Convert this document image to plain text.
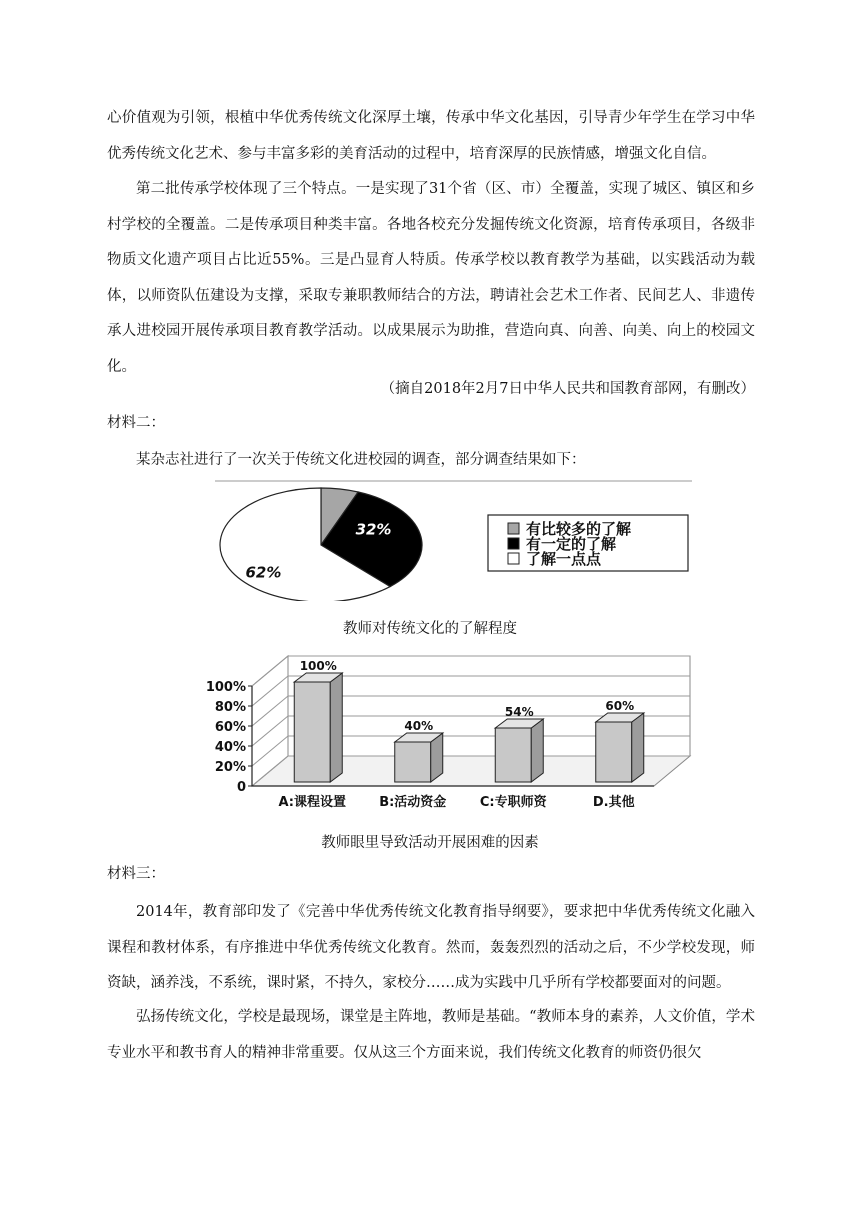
心价值观为引领，根植中华优秀传统文化深厚土壤，传承中华文化基因，引导青少年学生在学习中华优秀传统文化艺术、参与丰富多彩的美育活动的过程中，培育深厚的民族情感，增强文化自信。

第二批传承学校体现了三个特点。一是实现了31个省（区、市）全覆盖，实现了城区、镇区和乡村学校的全覆盖。二是传承项目种类丰富。各地各校充分发掘传统文化资源，培育传承项目，各级非物质文化遗产项目占比近55%。三是凸显育人特质。传承学校以教育教学为基础，以实践活动为载体，以师资队伍建设为支撑，采取专兼职教师结合的方法，聘请社会艺术工作者、民间艺人、非遗传承人进校园开展传承项目教育教学活动。以成果展示为助推，营造向真、向善、向美、向上的校园文化。

（摘自2018年2月7日中华人民共和国教育部网，有删改）

材料二：

某杂志社进行了一次关于传统文化进校园的调查，部分调查结果如下：

32%
62%
有比较多的了解
有一定的了解
了解一点点

教师对传统文化的了解程度

0
20%
40%
60%
80%
100%
A:课程设置	B:活动资金	C:专职师资	D.其他
100%
40%
54%	60%

教师眼里导致活动开展困难的因素

材料三：

2014年，教育部印发了《完善中华优秀传统文化教育指导纲要》，要求把中华优秀传统文化融入课程和教材体系，有序推进中华优秀传统文化教育。然而，轰轰烈烈的活动之后，不少学校发现，师资缺，涵养浅，不系统，课时紧，不持久，家校分……成为实践中几乎所有学校都要面对的问题。

弘扬传统文化，学校是最现场，课堂是主阵地，教师是基础。“教师本身的素养，人文价值，学术专业水平和教书育人的精神非常重要。仅从这三个方面来说，我们传统文化教育的师资仍很欠
